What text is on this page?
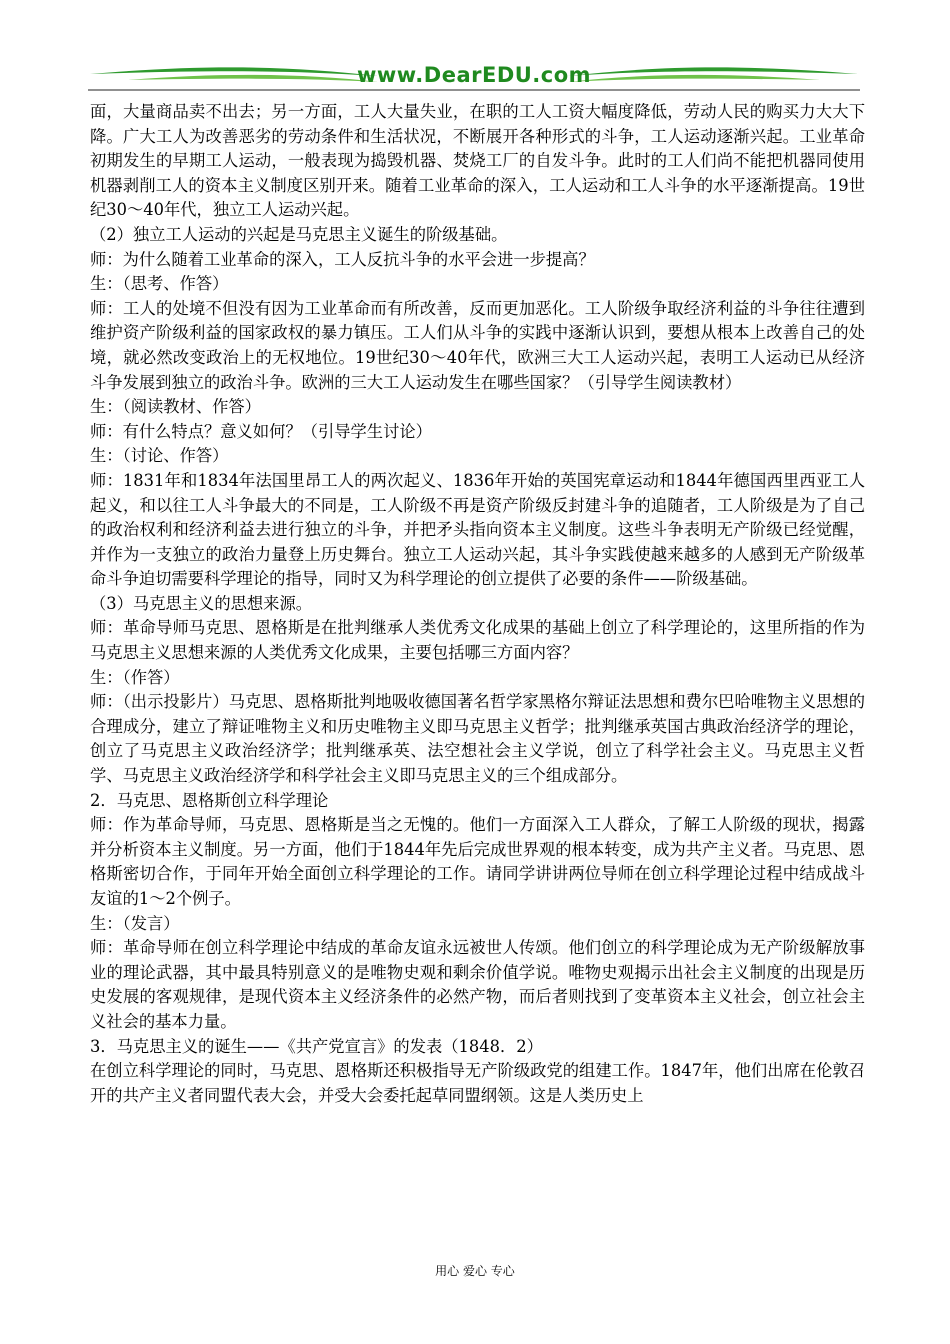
www.DearEDU.com

面，大量商品卖不出去；另一方面，工人大量失业，在职的工人工资大幅度降低，劳动人民的购买力大大下降。广大工人为改善恶劣的劳动条件和生活状况，不断展开各种形式的斗争，工人运动逐渐兴起。工业革命初期发生的早期工人运动，一般表现为捣毁机器、焚烧工厂的自发斗争。此时的工人们尚不能把机器同使用机器剥削工人的资本主义制度区别开来。随着工业革命的深入，工人运动和工人斗争的水平逐渐提高。19世纪30～40年代，独立工人运动兴起。

（2）独立工人运动的兴起是马克思主义诞生的阶级基础。

师：为什么随着工业革命的深入，工人反抗斗争的水平会进一步提高？

生：（思考、作答）

师：工人的处境不但没有因为工业革命而有所改善，反而更加恶化。工人阶级争取经济利益的斗争往往遭到维护资产阶级利益的国家政权的暴力镇压。工人们从斗争的实践中逐渐认识到，要想从根本上改善自己的处境，就必然改变政治上的无权地位。19世纪30～40年代，欧洲三大工人运动兴起，表明工人运动已从经济斗争发展到独立的政治斗争。欧洲的三大工人运动发生在哪些国家？（引导学生阅读教材）

生：（阅读教材、作答）

师：有什么特点？意义如何？（引导学生讨论）

生：（讨论、作答）

师：1831年和1834年法国里昂工人的两次起义、1836年开始的英国宪章运动和1844年德国西里西亚工人起义，和以往工人斗争最大的不同是，工人阶级不再是资产阶级反封建斗争的追随者，工人阶级是为了自己的政治权利和经济利益去进行独立的斗争，并把矛头指向资本主义制度。这些斗争表明无产阶级已经觉醒，并作为一支独立的政治力量登上历史舞台。独立工人运动兴起，其斗争实践使越来越多的人感到无产阶级革命斗争迫切需要科学理论的指导，同时又为科学理论的创立提供了必要的条件——阶级基础。

（3）马克思主义的思想来源。

师：革命导师马克思、恩格斯是在批判继承人类优秀文化成果的基础上创立了科学理论的，这里所指的作为马克思主义思想来源的人类优秀文化成果，主要包括哪三方面内容？

生：（作答）

师：（出示投影片）马克思、恩格斯批判地吸收德国著名哲学家黑格尔辩证法思想和费尔巴哈唯物主义思想的合理成分，建立了辩证唯物主义和历史唯物主义即马克思主义哲学；批判继承英国古典政治经济学的理论，创立了马克思主义政治经济学；批判继承英、法空想社会主义学说，创立了科学社会主义。马克思主义哲学、马克思主义政治经济学和科学社会主义即马克思主义的三个组成部分。

2．马克思、恩格斯创立科学理论

师：作为革命导师，马克思、恩格斯是当之无愧的。他们一方面深入工人群众，了解工人阶级的现状，揭露并分析资本主义制度。另一方面，他们于1844年先后完成世界观的根本转变，成为共产主义者。马克思、恩格斯密切合作，于同年开始全面创立科学理论的工作。请同学讲讲两位导师在创立科学理论过程中结成战斗友谊的1～2个例子。

生：（发言）

师：革命导师在创立科学理论中结成的革命友谊永远被世人传颂。他们创立的科学理论成为无产阶级解放事业的理论武器，其中最具特别意义的是唯物史观和剩余价值学说。唯物史观揭示出社会主义制度的出现是历史发展的客观规律，是现代资本主义经济条件的必然产物，而后者则找到了变革资本主义社会，创立社会主义社会的基本力量。

3．马克思主义的诞生——《共产党宣言》的发表（1848．2）

在创立科学理论的同时，马克思、恩格斯还积极指导无产阶级政党的组建工作。1847年，他们出席在伦敦召开的共产主义者同盟代表大会，并受大会委托起草同盟纲领。这是人类历史上

用心 爱心 专心
